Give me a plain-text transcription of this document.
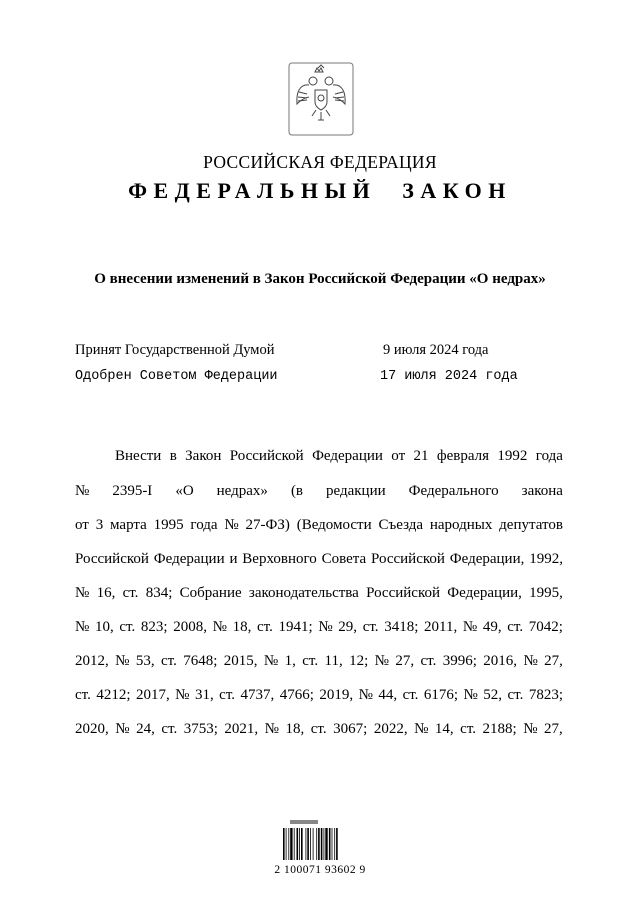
РОССИЙСКАЯ ФЕДЕРАЦИЯ
ФЕДЕРАЛЬНЫЙ ЗАКОН
О внесении изменений в Закон Российской Федерации «О недрах»
Принят Государственной Думой	9 июля 2024 года
Одобрен Советом Федерации	17 июля 2024 года
Внести в Закон Российской Федерации от 21 февраля 1992 года
№ 2395-I «О недрах» (в редакции Федерального закона
от 3 марта 1995 года № 27-ФЗ) (Ведомости Съезда народных депутатов
Российской Федерации и Верховного Совета Российской Федерации, 1992,
№ 16, ст. 834; Собрание законодательства Российской Федерации, 1995,
№ 10, ст. 823; 2008, № 18, ст. 1941; № 29, ст. 3418; 2011, № 49, ст. 7042;
2012, № 53, ст. 7648; 2015, № 1, ст. 11, 12; № 27, ст. 3996; 2016, № 27,
ст. 4212; 2017, № 31, ст. 4737, 4766; 2019, № 44, ст. 6176; № 52, ст. 7823;
2020, № 24, ст. 3753; 2021, № 18, ст. 3067; 2022, № 14, ст. 2188; № 27,
2 100071 93602 9
